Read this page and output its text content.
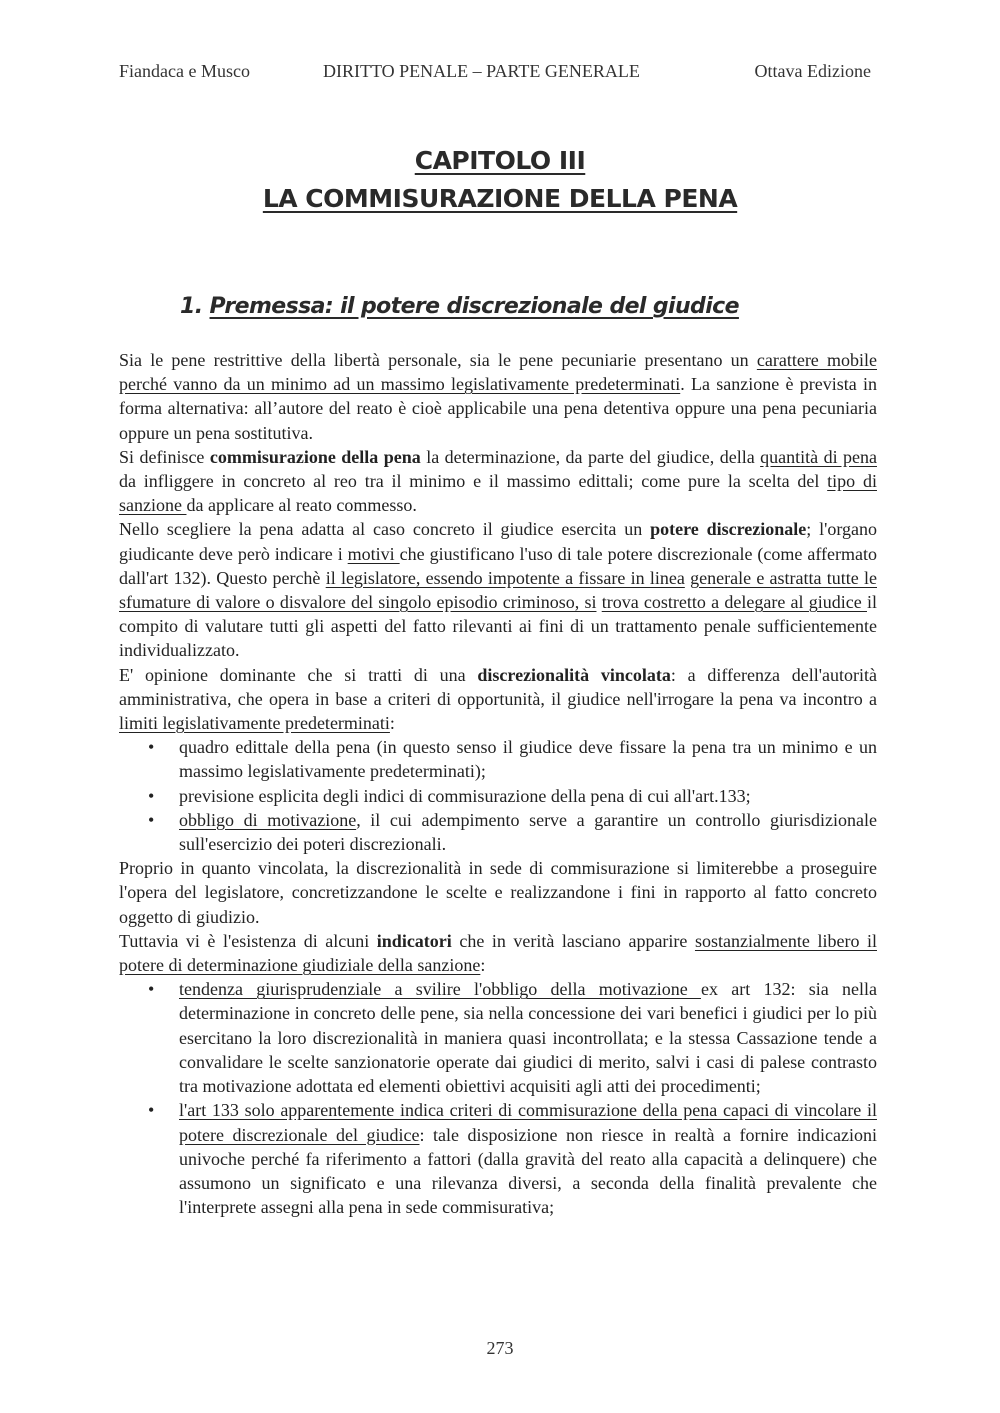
Fiandaca e Musco	DIRITTO PENALE – PARTE GENERALE	Ottava Edizione
CAPITOLO III
LA COMMISURAZIONE DELLA PENA
1. Premessa: il potere discrezionale del giudice

Sia le pene restrittive della libertà personale, sia le pene pecuniarie presentano un carattere mobile perché vanno da un minimo ad un massimo legislativamente predeterminati. La sanzione è prevista in forma alternativa: all’autore del reato è cioè applicabile una pena detentiva oppure una pena pecuniaria oppure un pena sostitutiva.

Si definisce commisurazione della pena la determinazione, da parte del giudice, della quantità di pena da infliggere in concreto al reo tra il minimo e il massimo edittali; come pure la scelta del tipo di sanzione da applicare al reato commesso.

Nello scegliere la pena adatta al caso concreto il giudice esercita un potere discrezionale; l'organo giudicante deve però indicare i motivi che giustificano l'uso di tale potere discrezionale (come affermato dall'art 132). Questo perchè il legislatore, essendo impotente a fissare in linea generale e astratta tutte le sfumature di valore o disvalore del singolo episodio criminoso, si trova costretto a delegare al giudice il compito di valutare tutti gli aspetti del fatto rilevanti ai fini di un trattamento penale sufficientemente individualizzato.

E' opinione dominante che si tratti di una discrezionalità vincolata: a differenza dell'autorità amministrativa, che opera in base a criteri di opportunità, il giudice nell'irrogare la pena va incontro a limiti legislativamente predeterminati:

• quadro edittale della pena (in questo senso il giudice deve fissare la pena tra un minimo e un massimo legislativamente predeterminati);
• previsione esplicita degli indici di commisurazione della pena di cui all'art.133;
• obbligo di motivazione, il cui adempimento serve a garantire un controllo giurisdizionale sull'esercizio dei poteri discrezionali.

Proprio in quanto vincolata, la discrezionalità in sede di commisurazione si limiterebbe a proseguire l'opera del legislatore, concretizzandone le scelte e realizzandone i fini in rapporto al fatto concreto oggetto di giudizio.

Tuttavia vi è l'esistenza di alcuni indicatori che in verità lasciano apparire sostanzialmente libero il potere di determinazione giudiziale della sanzione:

• tendenza giurisprudenziale a svilire l'obbligo della motivazione ex art 132: sia nella determinazione in concreto delle pene, sia nella concessione dei vari benefici i giudici per lo più esercitano la loro discrezionalità in maniera quasi incontrollata; e la stessa Cassazione tende a convalidare le scelte sanzionatorie operate dai giudici di merito, salvi i casi di palese contrasto tra motivazione adottata ed elementi obiettivi acquisiti agli atti dei procedimenti;
• l'art 133 solo apparentemente indica criteri di commisurazione della pena capaci di vincolare il potere discrezionale del giudice: tale disposizione non riesce in realtà a fornire indicazioni univoche perché fa riferimento a fattori (dalla gravità del reato alla capacità a delinquere) che assumono un significato e una rilevanza diversi, a seconda della finalità prevalente che l'interprete assegni alla pena in sede commisurativa;
273
